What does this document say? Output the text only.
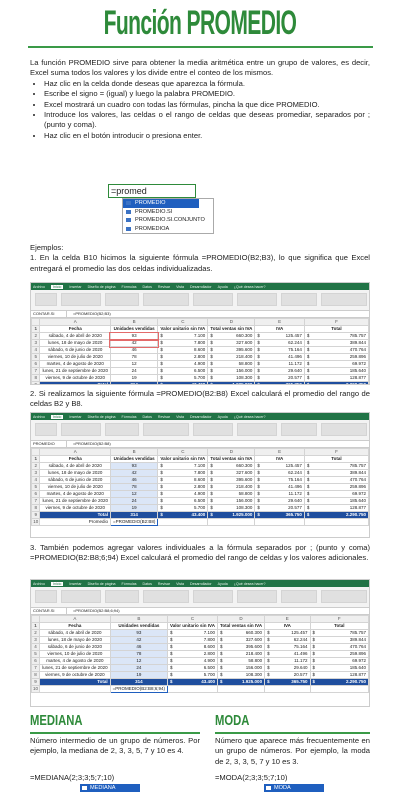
Función PROMEDIO

La función PROMEDIO sirve para obtener la media aritmética entre un grupo de valores, es decir, Excel suma todos los valores y los divide entre el conteo de los mismos.

• Haz clic en la celda donde deseas que aparezca la fórmula.
• Escribe el signo = (igual) y luego la palabra PROMEDIO.
• Excel mostrará un cuadro con todas las fórmulas, pincha la que dice PROMEDIO.
• Introduce los valores, las celdas o el rango de celdas que deseas promediar, separados por ; (punto y coma).
• Haz clic en el botón introducir o presiona enter.
=promed
PROMEDIO
PROMEDIO.SI
PROMEDIO.SI.CONJUNTO
PROMEDIOA

Ejemplos:

1. En la celda B10 hicimos la siguiente fórmula =PROMEDIO(B2;B3), lo que significa que Excel entregará el promedio las dos celdas individualizadas.

Archivo	Inicio	Insertar Diseño de página Fórmulas Datos Revisar Vista Desarrollador Ayuda ¿Qué desea hacer?
CONTAR.SI	=PROMEDIO(B2;B3)
	A	B	C	D	E	F
1	Fecha	Unidades vendidas	Valor unitario sin IVA	Total ventas sin IVA	IVA	Total
2	sábado, 4 de abril de 2020	93	$ 7.100	$ 660.300	$ 125.457	$ 785.757
3	lunes, 18 de mayo de 2020	42	$ 7.800	$ 327.600	$ 62.244	$ 389.844
4	sábado, 6 de junio de 2020	46	$ 8.600	$ 395.600	$ 75.164	$ 470.764
5	viernes, 10 de julio de 2020	78	$ 2.800	$ 218.400	$ 41.496	$ 259.896
6	martes, 4 de agosto de 2020	12	$ 4.900	$ 58.800	$ 11.172	$ 69.972
7	lunes, 21 de septiembre de 2020	24	$ 6.500	$ 156.000	$ 29.640	$ 185.640
8	viernes, 9 de octubre de 2020	19	$ 5.700	$ 108.300	$ 20.577	$ 128.877
9	Total	314	$ 43.400	$ 1.925.000	$ 365.750	$ 2.290.750

2. Si realizamos la siguiente fórmula =PROMEDIO(B2:B8) Excel calculará el promedio del rango de celdas B2 y B8.
Archivo	Inicio	Insertar Diseño de página Fórmulas Datos Revisar Vista Desarrollador Ayuda ¿Qué desea hacer?
PROMEDIO	=PROMEDIO(B2:B8)
	A	B	C	D	E	F
1	Fecha	Unidades vendidas	Valor unitario sin IVA	Total ventas sin IVA	IVA	Total
2	sábado, 4 de abril de 2020	93	$ 7.100	$ 660.300	$ 125.457	$ 785.757
3	lunes, 18 de mayo de 2020	42	$ 7.800	$ 327.600	$ 62.244	$ 389.844
4	sábado, 6 de junio de 2020	46	$ 8.600	$ 395.600	$ 75.164	$ 470.764
5	viernes, 10 de julio de 2020	78	$ 2.800	$ 218.400	$ 41.496	$ 259.896
6	martes, 4 de agosto de 2020	12	$ 4.900	$ 58.800	$ 11.172	$ 69.972
7	lunes, 21 de septiembre de 2020	24	$ 6.500	$ 156.000	$ 29.640	$ 185.640
8	viernes, 9 de octubre de 2020	19	$ 5.700	$ 108.300	$ 20.577	$ 128.877
9	Total	314	$ 43.400	$ 1.925.000	$ 365.750	$ 2.290.750
10	Promedio	=PROMEDIO(B2:B8)				
3. También podemos agregar valores individuales a la fórmula separados por ; (punto y coma) =PROMEDIO(B2:B8;6;94) Excel calculará el promedio del rango de celdas y los valores adicionales.
Archivo	Inicio	Insertar Diseño de página Fórmulas Datos Revisar Vista Desarrollador Ayuda ¿Qué desea hacer?
CONTAR.SI	=PROMEDIO(B2:B8;6;94)
	A	B	C	D	E	F
1	Fecha	Unidades vendidas	Valor unitario sin IVA	Total ventas sin IVA	IVA	Total
2	sábado, 4 de abril de 2020	93	$ 7.100	$ 660.300	$ 125.457	$ 785.757
3	lunes, 18 de mayo de 2020	42	$ 7.800	$ 327.600	$ 62.244	$ 389.844
4	sábado, 6 de junio de 2020	46	$ 8.600	$ 395.600	$ 75.164	$ 470.764
5	viernes, 10 de julio de 2020	78	$ 2.800	$ 218.400	$ 41.496	$ 259.896
6	martes, 4 de agosto de 2020	12	$ 4.900	$ 58.800	$ 11.172	$ 69.972
7	lunes, 21 de septiembre de 2020	24	$ 6.500	$ 156.000	$ 29.640	$ 185.640
8	viernes, 9 de octubre de 2020	19	$ 5.700	$ 108.300	$ 20.577	$ 128.877
9	Total	314	$ 43.400	$ 1.925.000	$ 365.750	$ 2.290.750
10		=PROMEDIO(B2:B8;6;94)				
MEDIANA
Número intermedio de un grupo de números. Por ejemplo, la mediana de 2, 3, 3, 5, 7 y 10 es 4.
=MEDIANA(2;3;3;5;7;10)
MEDIANA
MODA
Número que aparece más frecuentemente en un grupo de números. Por ejemplo, la moda de 2, 3, 3, 5, 7 y 10 es 3.
=MODA(2;3;3;5;7;10)
MODA
